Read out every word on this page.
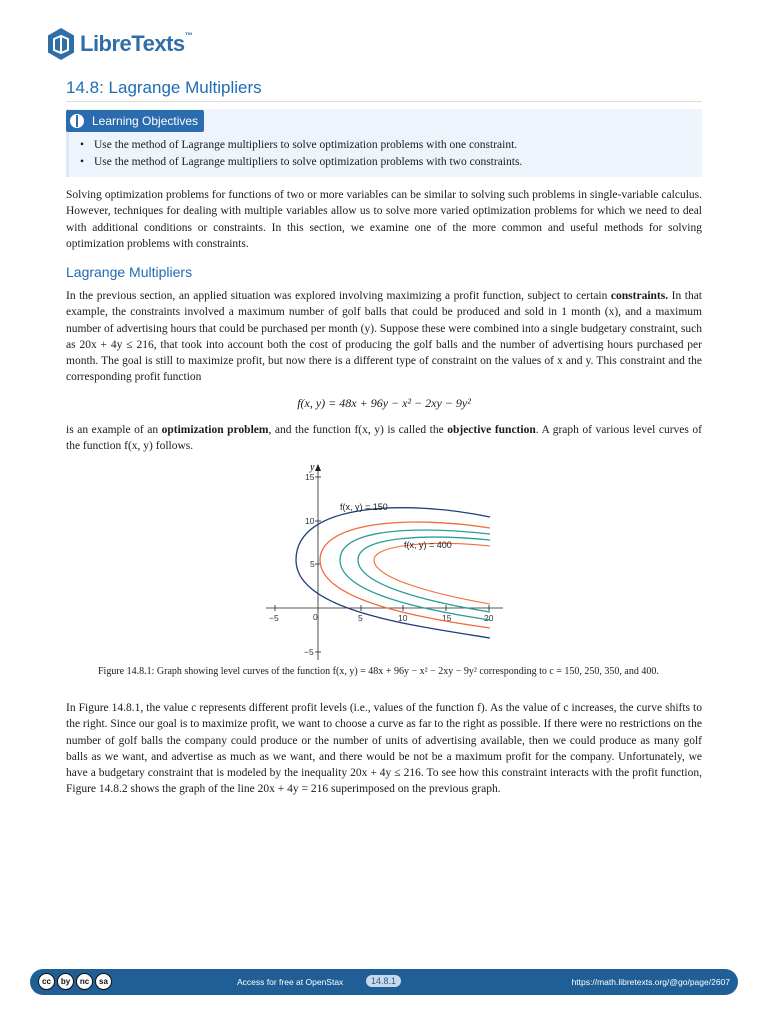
LibreTexts™
14.8: Lagrange Multipliers
Learning Objectives
• Use the method of Lagrange multipliers to solve optimization problems with one constraint.
• Use the method of Lagrange multipliers to solve optimization problems with two constraints.

Solving optimization problems for functions of two or more variables can be similar to solving such problems in single-variable calculus. However, techniques for dealing with multiple variables allow us to solve more varied optimization problems for which we need to deal with additional conditions or constraints. In this section, we examine one of the more common and useful methods for solving optimization problems with constraints.

Lagrange Multipliers

In the previous section, an applied situation was explored involving maximizing a profit function, subject to certain constraints. In that example, the constraints involved a maximum number of golf balls that could be produced and sold in 1 month (x), and a maximum number of advertising hours that could be purchased per month (y). Suppose these were combined into a single budgetary constraint, such as 20x + 4y ≤ 216, that took into account both the cost of producing the golf balls and the number of advertising hours purchased per month. The goal is still to maximize profit, but now there is a different type of constraint on the values of x and y. This constraint and the corresponding profit function

f(x, y) = 48x + 96y − x² − 2xy − 9y²

is an example of an optimization problem, and the function f(x, y) is called the objective function. A graph of various level curves of the function f(x, y) follows.

y
−5	0	5	10	15	20
15
10
5
−5
f(x, y) = 150
f(x, y) = 400
Figure 14.8.1: Graph showing level curves of the function f(x, y) = 48x + 96y − x² − 2xy − 9y² corresponding to c = 150, 250, 350, and 400.

In Figure 14.8.1, the value c represents different profit levels (i.e., values of the function f). As the value of c increases, the curve shifts to the right. Since our goal is to maximize profit, we want to choose a curve as far to the right as possible. If there were no restrictions on the number of golf balls the company could produce or the number of units of advertising available, then we could produce as many golf balls as we want, and advertise as much as we want, and there would be not be a maximum profit for the company. Unfortunately, we have a budgetary constraint that is modeled by the inequality 20x + 4y ≤ 216. To see how this constraint interacts with the profit function, Figure 14.8.2 shows the graph of the line 20x + 4y = 216 superimposed on the previous graph.

cc	by	nc	sa	Access for free at OpenStax	14.8.1	https://math.libretexts.org/@go/page/2607
